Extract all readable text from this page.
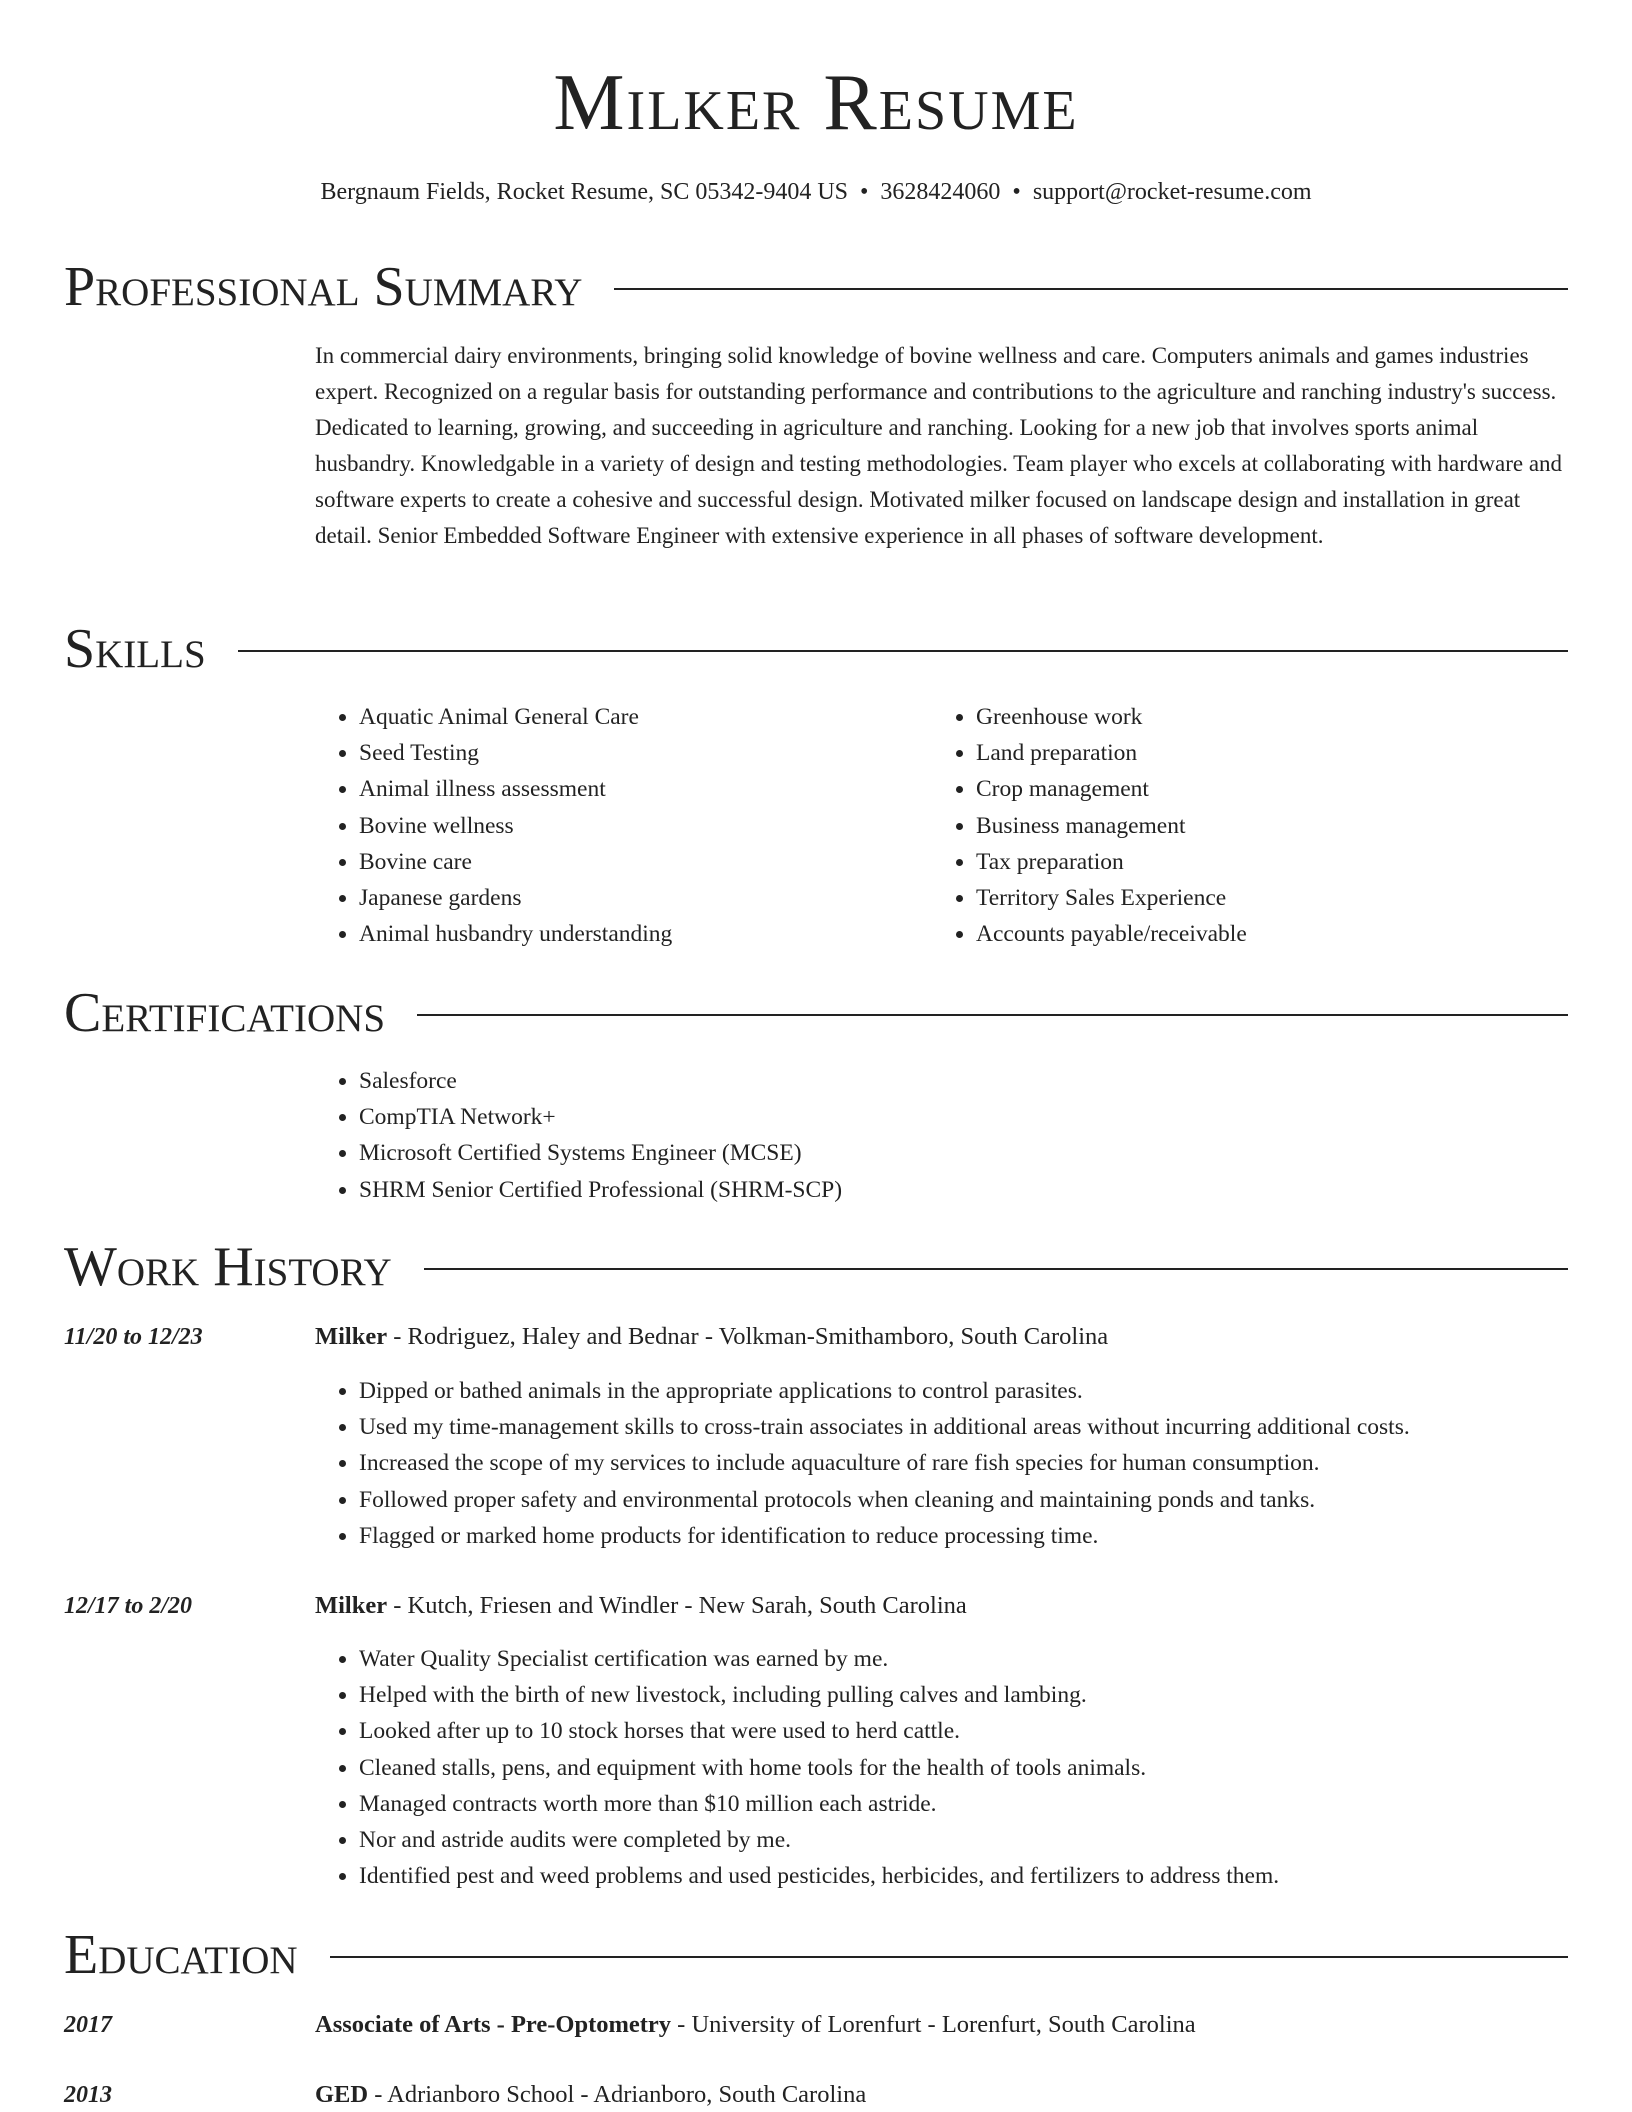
Milker Resume
Bergnaum Fields, Rocket Resume, SC 05342-9404 US • 3628424060 • support@rocket-resume.com
Professional Summary

In commercial dairy environments, bringing solid knowledge of bovine wellness and care. Computers animals and games industries expert. Recognized on a regular basis for outstanding performance and contributions to the agriculture and ranching industry's success. Dedicated to learning, growing, and succeeding in agriculture and ranching. Looking for a new job that involves sports animal husbandry. Knowledgable in a variety of design and testing methodologies. Team player who excels at collaborating with hardware and software experts to create a cohesive and successful design. Motivated milker focused on landscape design and installation in great detail. Senior Embedded Software Engineer with extensive experience in all phases of software development.

Skills
• Aquatic Animal General Care
• Seed Testing
• Animal illness assessment
• Bovine wellness
• Bovine care
• Japanese gardens
• Animal husbandry understanding
• Greenhouse work
• Land preparation
• Crop management
• Business management
• Tax preparation
• Territory Sales Experience
• Accounts payable/receivable
Certifications
• Salesforce
• CompTIA Network+
• Microsoft Certified Systems Engineer (MCSE)
• SHRM Senior Certified Professional (SHRM-SCP)
Work History
11/20 to 12/23	Milker - Rodriguez, Haley and Bednar - Volkman-Smithamboro, South Carolina
• Dipped or bathed animals in the appropriate applications to control parasites.
• Used my time-management skills to cross-train associates in additional areas without incurring additional costs.
• Increased the scope of my services to include aquaculture of rare fish species for human consumption.
• Followed proper safety and environmental protocols when cleaning and maintaining ponds and tanks.
• Flagged or marked home products for identification to reduce processing time.
12/17 to 2/20	Milker - Kutch, Friesen and Windler - New Sarah, South Carolina
• Water Quality Specialist certification was earned by me.
• Helped with the birth of new livestock, including pulling calves and lambing.
• Looked after up to 10 stock horses that were used to herd cattle.
• Cleaned stalls, pens, and equipment with home tools for the health of tools animals.
• Managed contracts worth more than $10 million each astride.
• Nor and astride audits were completed by me.
• Identified pest and weed problems and used pesticides, herbicides, and fertilizers to address them.
Education
2017	Associate of Arts - Pre-Optometry - University of Lorenfurt - Lorenfurt, South Carolina
2013	GED - Adrianboro School - Adrianboro, South Carolina
